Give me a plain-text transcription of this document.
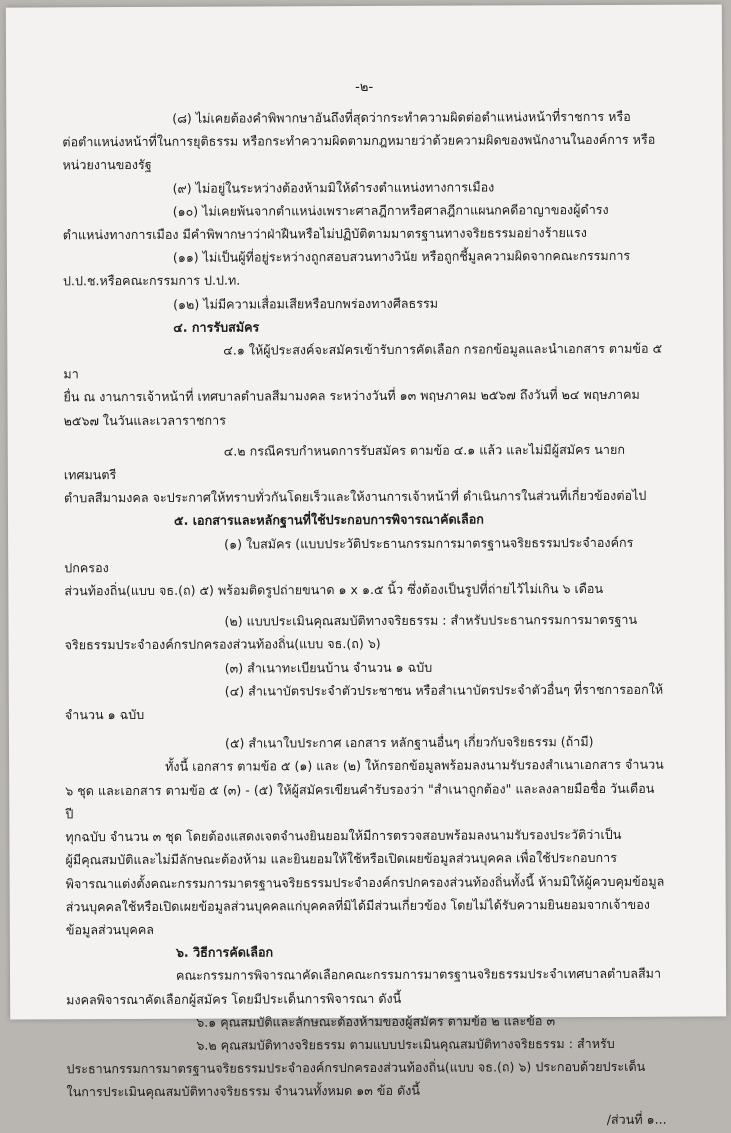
-๒-

(๘) ไม่เคยต้องคำพิพากษาอันถึงที่สุดว่ากระทำความผิดต่อตำแหน่งหน้าที่ราชการ หรือ

ต่อตำแหน่งหน้าที่ในการยุติธรรม หรือกระทำความผิดตามกฎหมายว่าด้วยความผิดของพนักงานในองค์การ หรือ

หน่วยงานของรัฐ

(๙) ไม่อยู่ในระหว่างต้องห้ามมิให้ดำรงตำแหน่งทางการเมือง

(๑๐) ไม่เคยพ้นจากตำแหน่งเพราะศาลฎีกาหรือศาลฎีกาแผนกคดีอาญาของผู้ดำรง

ตำแหน่งทางการเมือง มีคำพิพากษาว่าฝ่าฝืนหรือไม่ปฏิบัติตามมาตรฐานทางจริยธรรมอย่างร้ายแรง

(๑๑) ไม่เป็นผู้ที่อยู่ระหว่างถูกสอบสวนทางวินัย หรือถูกชี้มูลความผิดจากคณะกรรมการ

ป.ป.ช.หรือคณะกรรมการ ป.ป.ท.

(๑๒) ไม่มีความเสื่อมเสียหรือบกพร่องทางศีลธรรม

๔. การรับสมัคร

๔.๑ ให้ผู้ประสงค์จะสมัครเข้ารับการคัดเลือก กรอกข้อมูลและนำเอกสาร ตามข้อ ๕ มา

ยื่น ณ งานการเจ้าหน้าที่ เทศบาลตำบลสีมามงคล ระหว่างวันที่ ๑๓ พฤษภาคม ๒๕๖๗ ถึงวันที่ ๒๔ พฤษภาคม

๒๕๖๗ ในวันและเวลาราชการ

๔.๒ กรณีครบกำหนดการรับสมัคร ตามข้อ ๔.๑ แล้ว และไม่มีผู้สมัคร นายกเทศมนตรี

ตำบลสีมามงคล จะประกาศให้ทราบทั่วกันโดยเร็วและให้งานการเจ้าหน้าที่ ดำเนินการในส่วนที่เกี่ยวข้องต่อไป

๕. เอกสารและหลักฐานที่ใช้ประกอบการพิจารณาคัดเลือก

(๑) ใบสมัคร (แบบประวัติประธานกรรมการมาตรฐานจริยธรรมประจำองค์กรปกครอง

ส่วนท้องถิ่น(แบบ จธ.(ถ) ๕) พร้อมติดรูปถ่ายขนาด ๑ x ๑.๕ นิ้ว ซึ่งต้องเป็นรูปที่ถ่ายไว้ไม่เกิน ๖ เดือน

(๒) แบบประเมินคุณสมบัติทางจริยธรรม : สำหรับประธานกรรมการมาตรฐาน

จริยธรรมประจำองค์กรปกครองส่วนท้องถิ่น(แบบ จธ.(ถ) ๖)

(๓) สำเนาทะเบียนบ้าน จำนวน ๑ ฉบับ

(๔) สำเนาบัตรประจำตัวประชาชน หรือสำเนาบัตรประจำตัวอื่นๆ ที่ราชการออกให้

จำนวน ๑ ฉบับ

(๕) สำเนาใบประกาศ เอกสาร หลักฐานอื่นๆ เกี่ยวกับจริยธรรม (ถ้ามี)

ทั้งนี้ เอกสาร ตามข้อ ๕ (๑) และ (๒) ให้กรอกข้อมูลพร้อมลงนามรับรองสำเนาเอกสาร จำนวน

๖ ชุด และเอกสาร ตามข้อ ๕ (๓) - (๕) ให้ผู้สมัครเขียนคำรับรองว่า "สำเนาถูกต้อง" และลงลายมือชื่อ วันเดือน ปี

ทุกฉบับ จำนวน ๓ ชุด โดยต้องแสดงเจตจำนงยินยอมให้มีการตรวจสอบพร้อมลงนามรับรองประวัติว่าเป็น

ผู้มีคุณสมบัติและไม่มีลักษณะต้องห้าม และยินยอมให้ใช้หรือเปิดเผยข้อมูลส่วนบุคคล เพื่อใช้ประกอบการ

พิจารณาแต่งตั้งคณะกรรมการมาตรฐานจริยธรรมประจำองค์กรปกครองส่วนท้องถิ่นทั้งนี้ ห้ามมิให้ผู้ควบคุมข้อมูล

ส่วนบุคคลใช้หรือเปิดเผยข้อมูลส่วนบุคคลแก่บุคคลที่มิได้มีส่วนเกี่ยวข้อง โดยไม่ได้รับความยินยอมจากเจ้าของ

ข้อมูลส่วนบุคคล

๖. วิธีการคัดเลือก

คณะกรรมการพิจารณาคัดเลือกคณะกรรมการมาตรฐานจริยธรรมประจำเทศบาลตำบลสีมา

มงคลพิจารณาคัดเลือกผู้สมัคร โดยมีประเด็นการพิจารณา ดังนี้

๖.๑ คุณสมบัติและลักษณะต้องห้ามของผู้สมัคร ตามข้อ ๒ และข้อ ๓

๖.๒ คุณสมบัติทางจริยธรรม ตามแบบประเมินคุณสมบัติทางจริยธรรม : สำหรับ

ประธานกรรมการมาตรฐานจริยธรรมประจำองค์กรปกครองส่วนท้องถิ่น(แบบ จธ.(ถ) ๖) ประกอบด้วยประเด็น

ในการประเมินคุณสมบัติทางจริยธรรม จำนวนทั้งหมด ๑๓ ข้อ ดังนี้

/ส่วนที่ ๑...
